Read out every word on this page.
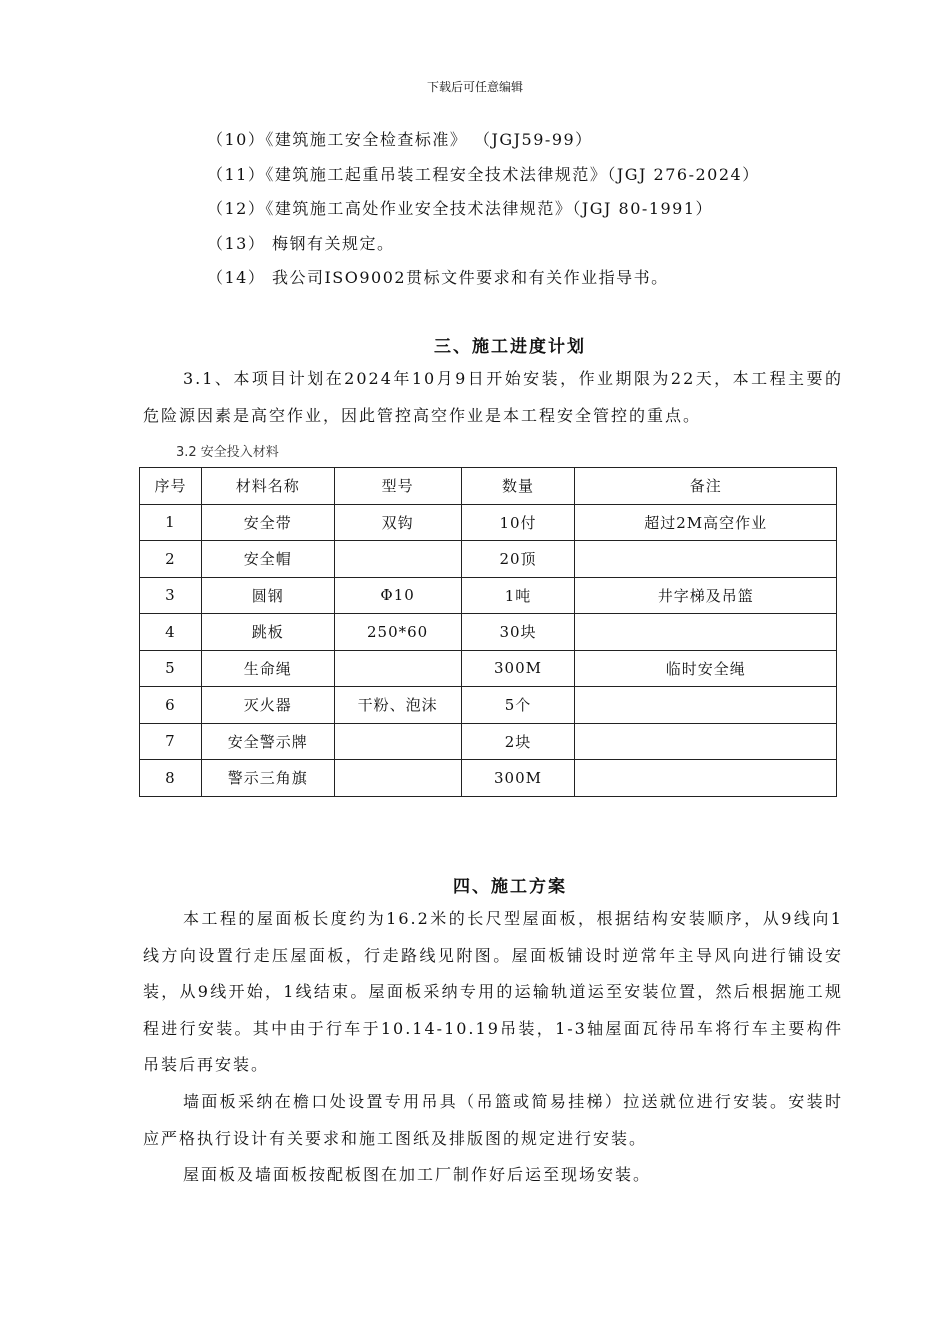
下载后可任意编辑
（10）《建筑施工安全检查标准》 （JGJ59-99）
（11）《建筑施工起重吊装工程安全技术法律规范》（JGJ 276-2024）
（12）《建筑施工高处作业安全技术法律规范》（JGJ 80-1991）
（13） 梅钢有关规定。
（14） 我公司ISO9002贯标文件要求和有关作业指导书。
三、施工进度计划
3.1、本项目计划在2024年10月9日开始安装，作业期限为22天，本工程主要的危险源因素是高空作业，因此管控高空作业是本工程安全管控的重点。
3.2 安全投入材料
序号	材料名称	型号	数量	备注
1	安全带	双钩	10付	超过2M高空作业
2	安全帽		20顶	
3	圆钢	Φ10	1吨	井字梯及吊篮
4	跳板	250*60	30块	
5	生命绳		300M	临时安全绳
6	灭火器	干粉、泡沫	5个	
7	安全警示牌		2块	
8	警示三角旗		300M	
四、施工方案
本工程的屋面板长度约为16.2米的长尺型屋面板，根据结构安装顺序，从9线向1线方向设置行走压屋面板，行走路线见附图。屋面板铺设时逆常年主导风向进行铺设安装，从9线开始，1线结束。屋面板采纳专用的运输轨道运至安装位置，然后根据施工规程进行安装。其中由于行车于10.14-10.19吊装，1-3轴屋面瓦待吊车将行车主要构件吊装后再安装。
墙面板采纳在檐口处设置专用吊具（吊篮或简易挂梯）拉送就位进行安装。安装时应严格执行设计有关要求和施工图纸及排版图的规定进行安装。
屋面板及墙面板按配板图在加工厂制作好后运至现场安装。
